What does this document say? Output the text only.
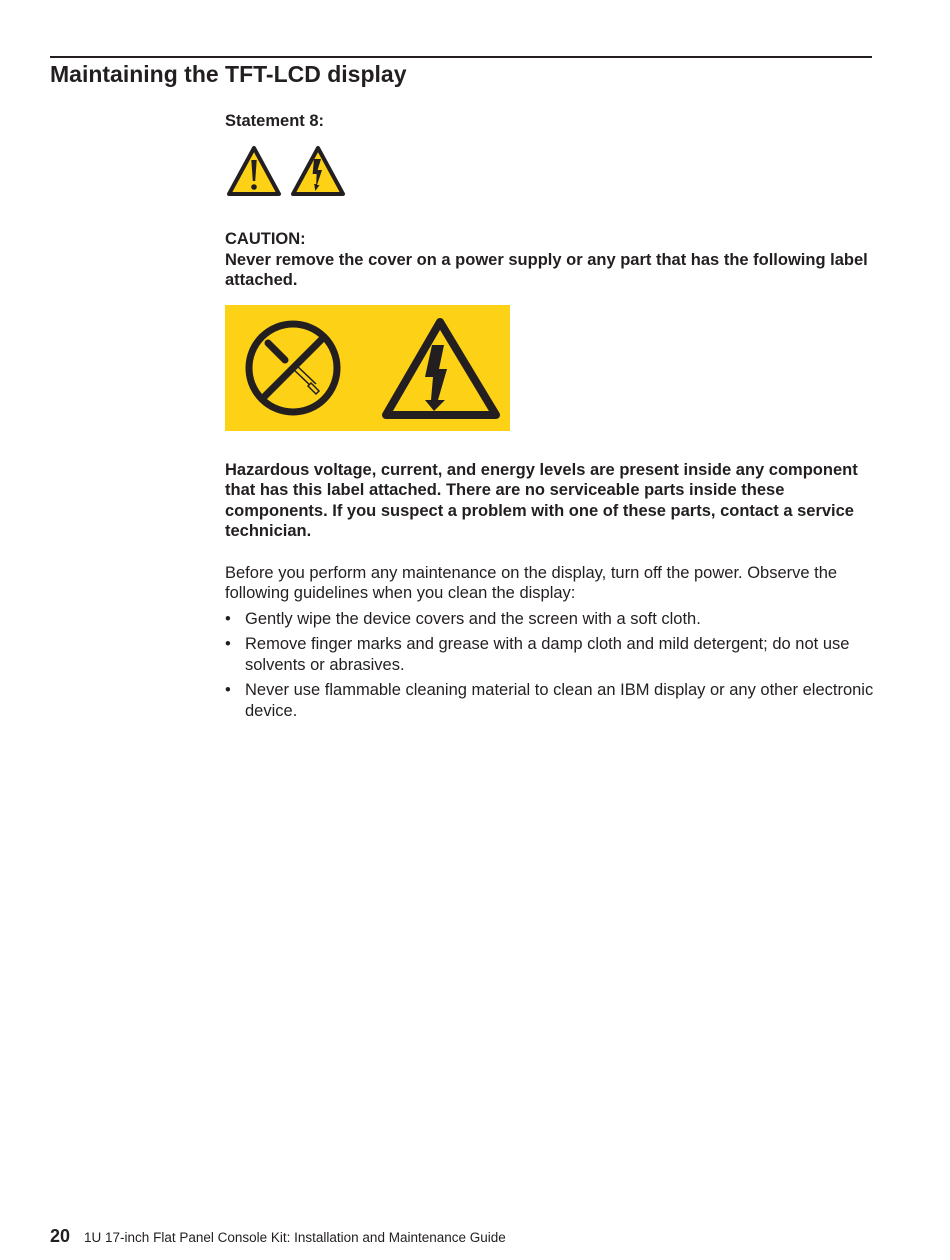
Maintaining the TFT-LCD display

Statement 8:

CAUTION:

Never remove the cover on a power supply or any part that has the following label attached.

Hazardous voltage, current, and energy levels are present inside any component that has this label attached. There are no serviceable parts inside these components. If you suspect a problem with one of these parts, contact a service technician.

Before you perform any maintenance on the display, turn off the power. Observe the following guidelines when you clean the display:

• Gently wipe the device covers and the screen with a soft cloth.
• Remove finger marks and grease with a damp cloth and mild detergent; do not use solvents or abrasives.
• Never use flammable cleaning material to clean an IBM display or any other electronic device.
20 1U 17-inch Flat Panel Console Kit: Installation and Maintenance Guide
